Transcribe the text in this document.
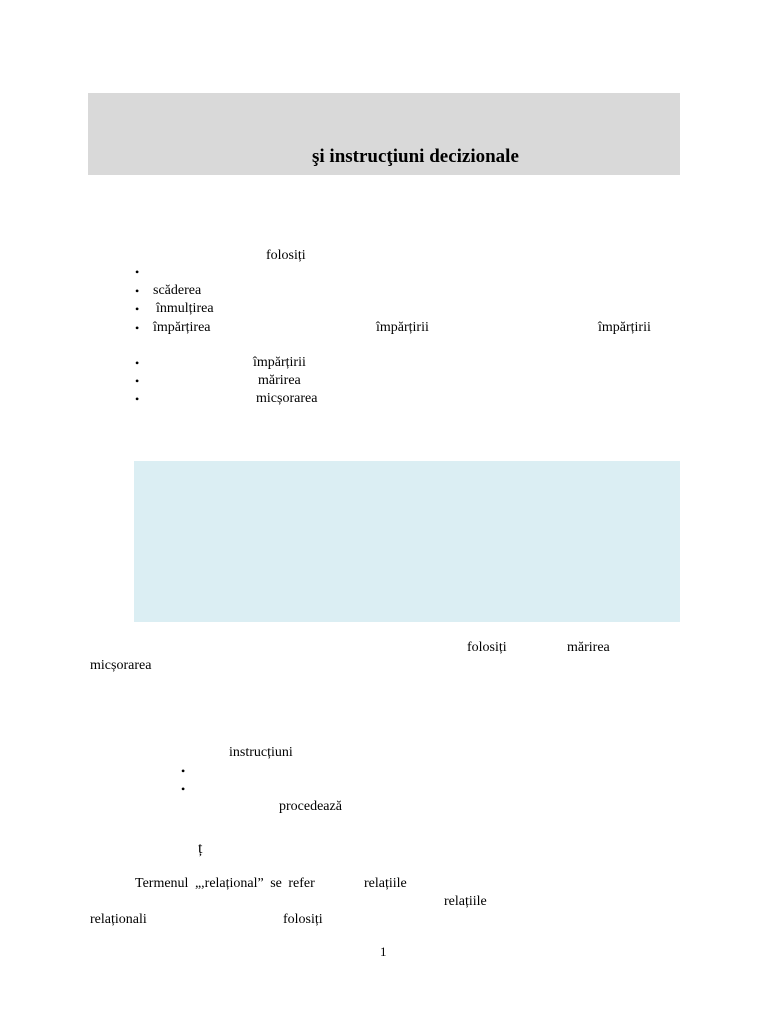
şi instrucţiuni decizionale
folosiți
•
• scăderea
• înmulțirea
• împărțirea	împărțirii	împărțirii
•	împărțirii
•	mărirea
•	micșorarea
folosiți	mărirea
micșorarea
instrucțiuni
•
•
procedează
ț
Termenul „,relațional” se refer	relațiile
relațiile
relaționali	folosiți
1
